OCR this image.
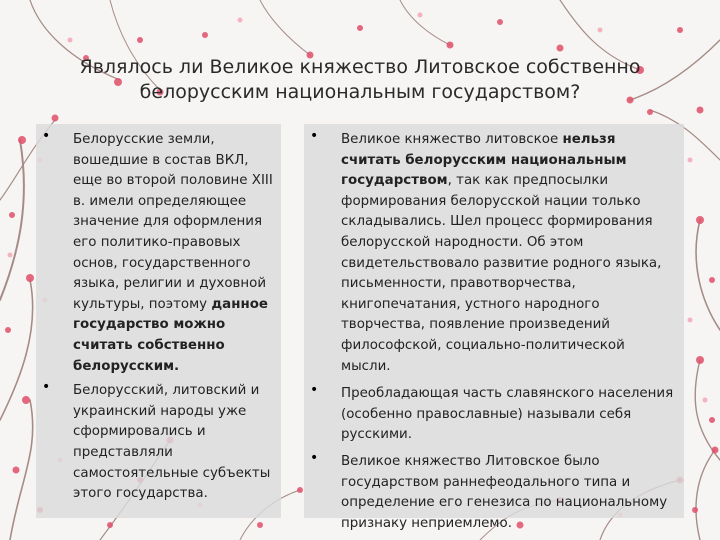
Являлось ли Великое княжество Литовское собственно
белорусским национальным государством?
• Белорусские земли, вошедшие в состав ВКЛ, еще во второй половине XIII в. имели определяющее значение для оформления его политико-правовых основ, государственного языка, религии и духовной культуры, поэтому данное государство можно считать собственно белорусским.
• Белорусский, литовский и украинский народы уже сформировались и представляли самостоятельные субъекты этого государства.
• Великое княжество литовское нельзя считать белорусским национальным государством, так как предпосылки формирования белорусской нации только складывались. Шел процесс формирования белорусской народности. Об этом свидетельствовало развитие родного языка, письменности, правотворчества, книгопечатания, устного народного творчества, появление произведений философской, социально-политической мысли.
• Преобладающая часть славянского населения (особенно православные) называли себя русскими.
• Великое княжество Литовское было государством раннефеодального типа и определение его генезиса по национальному признаку неприемлемо.
